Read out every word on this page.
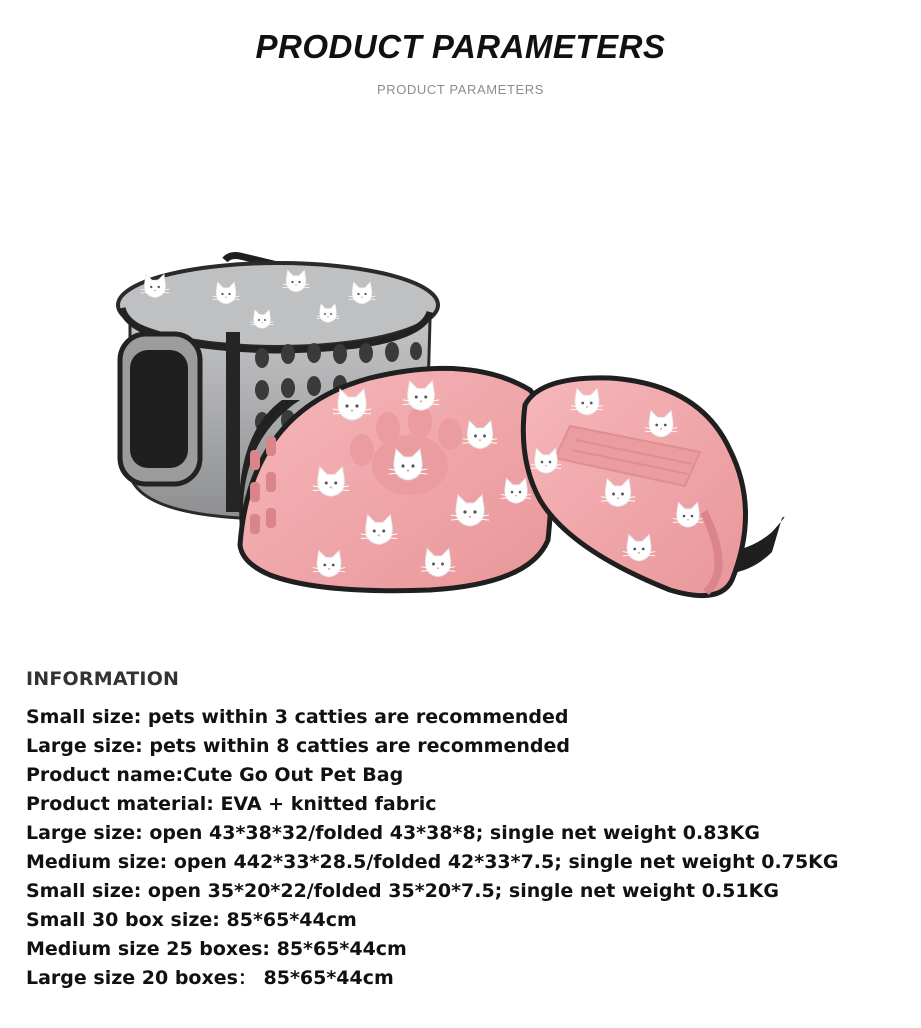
PRODUCT PARAMETERS
PRODUCT PARAMETERS
INFORMATION
Small size: pets within 3 catties are recommended
Large size: pets within 8 catties are recommended
Product name:Cute Go Out Pet Bag
Product material: EVA + knitted fabric
Large size: open 43*38*32/folded 43*38*8; single net weight 0.83KG
Medium size: open 442*33*28.5/folded 42*33*7.5; single net weight 0.75KG
Small size: open 35*20*22/folded 35*20*7.5; single net weight 0.51KG
Small 30 box size: 85*65*44cm
Medium size 25 boxes: 85*65*44cm
Large size 20 boxes： 85*65*44cm
